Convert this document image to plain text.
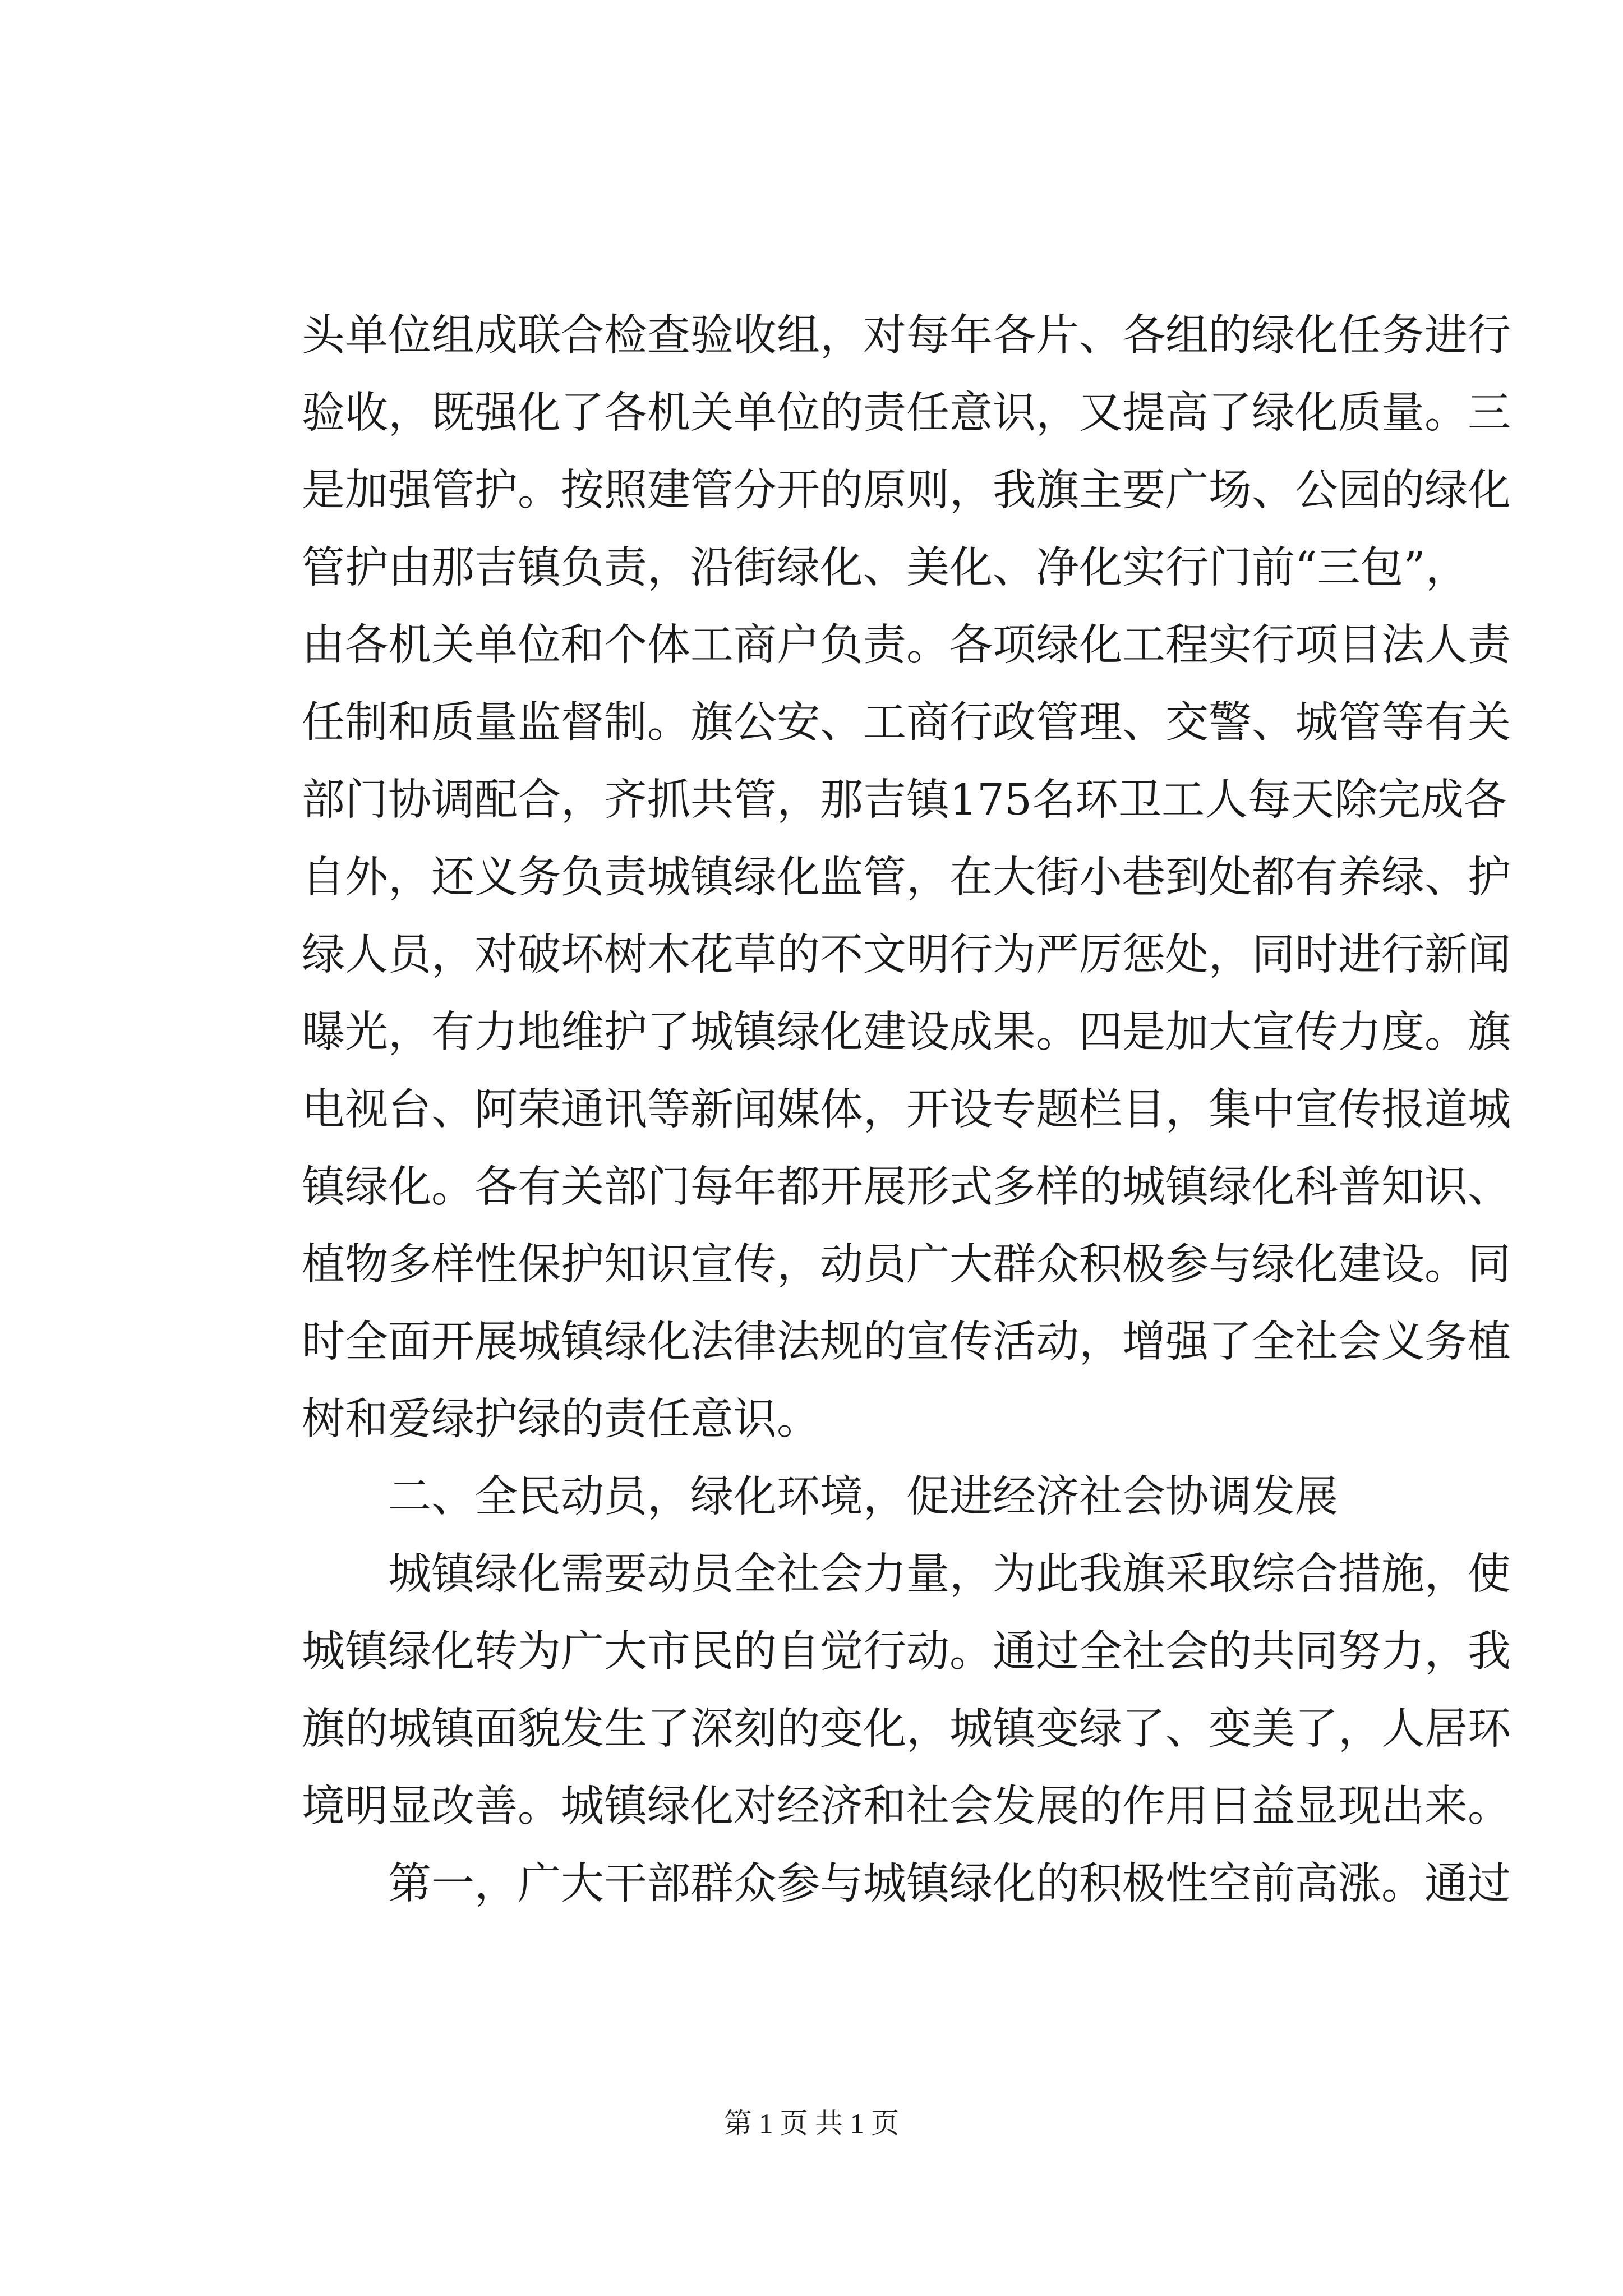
头单位组成联合检查验收组，对每年各片、各组的绿化任务进行
验收，既强化了各机关单位的责任意识，又提高了绿化质量。三
是加强管护。按照建管分开的原则，我旗主要广场、公园的绿化
管护由那吉镇负责，沿街绿化、美化、净化实行门前“三包”，
由各机关单位和个体工商户负责。各项绿化工程实行项目法人责
任制和质量监督制。旗公安、工商行政管理、交警、城管等有关
部门协调配合，齐抓共管，那吉镇175名环卫工人每天除完成各
自外，还义务负责城镇绿化监管，在大街小巷到处都有养绿、护
绿人员，对破坏树木花草的不文明行为严厉惩处，同时进行新闻
曝光，有力地维护了城镇绿化建设成果。四是加大宣传力度。旗
电视台、阿荣通讯等新闻媒体，开设专题栏目，集中宣传报道城
镇绿化。各有关部门每年都开展形式多样的城镇绿化科普知识、
植物多样性保护知识宣传，动员广大群众积极参与绿化建设。同
时全面开展城镇绿化法律法规的宣传活动，增强了全社会义务植
树和爱绿护绿的责任意识。
二、全民动员，绿化环境，促进经济社会协调发展
城镇绿化需要动员全社会力量，为此我旗采取综合措施，使
城镇绿化转为广大市民的自觉行动。通过全社会的共同努力，我
旗的城镇面貌发生了深刻的变化，城镇变绿了、变美了，人居环
境明显改善。城镇绿化对经济和社会发展的作用日益显现出来。
第一，广大干部群众参与城镇绿化的积极性空前高涨。通过
第 1 页 共 1 页
